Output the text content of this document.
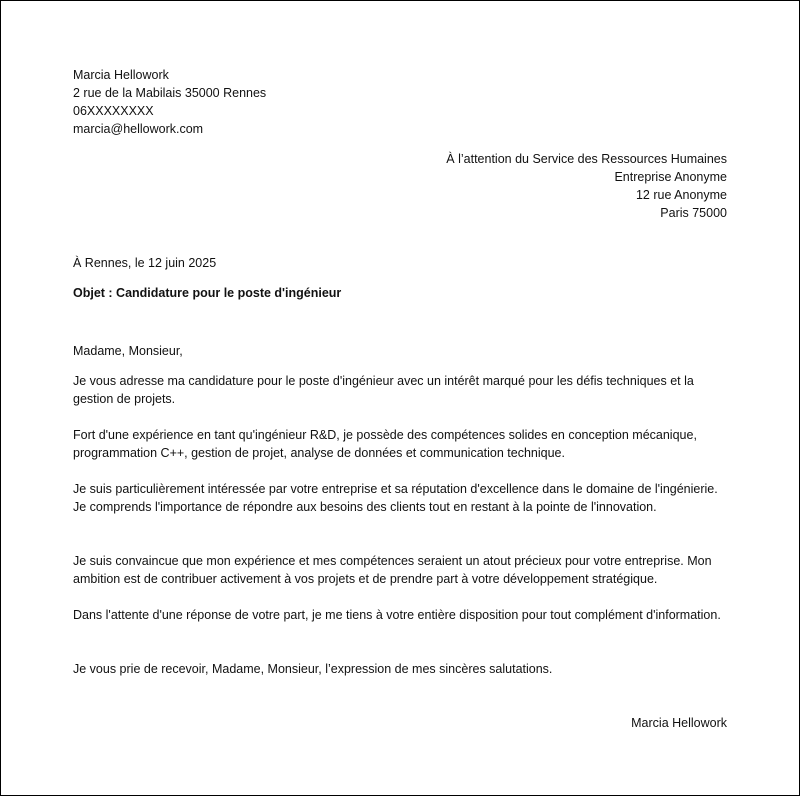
Marcia Hellowork
2 rue de la Mabilais 35000 Rennes
06XXXXXXXX
marcia@hellowork.com
À l’attention du Service des Ressources Humaines
Entreprise Anonyme
12 rue Anonyme
Paris 75000
À Rennes, le 12 juin 2025
Objet : Candidature pour le poste d'ingénieur
Madame, Monsieur,
Je vous adresse ma candidature pour le poste d'ingénieur avec un intérêt marqué pour les défis techniques et la gestion de projets.
Fort d'une expérience en tant qu'ingénieur R&D, je possède des compétences solides en conception mécanique, programmation C++, gestion de projet, analyse de données et communication technique.
Je suis particulièrement intéressée par votre entreprise et sa réputation d'excellence dans le domaine de l'ingénierie. Je comprends l'importance de répondre aux besoins des clients tout en restant à la pointe de l'innovation.
Je suis convaincue que mon expérience et mes compétences seraient un atout précieux pour votre entreprise. Mon ambition est de contribuer activement à vos projets et de prendre part à votre développement stratégique.
Dans l'attente d'une réponse de votre part, je me tiens à votre entière disposition pour tout complément d'information.
Je vous prie de recevoir, Madame, Monsieur, l’expression de mes sincères salutations.
Marcia Hellowork
